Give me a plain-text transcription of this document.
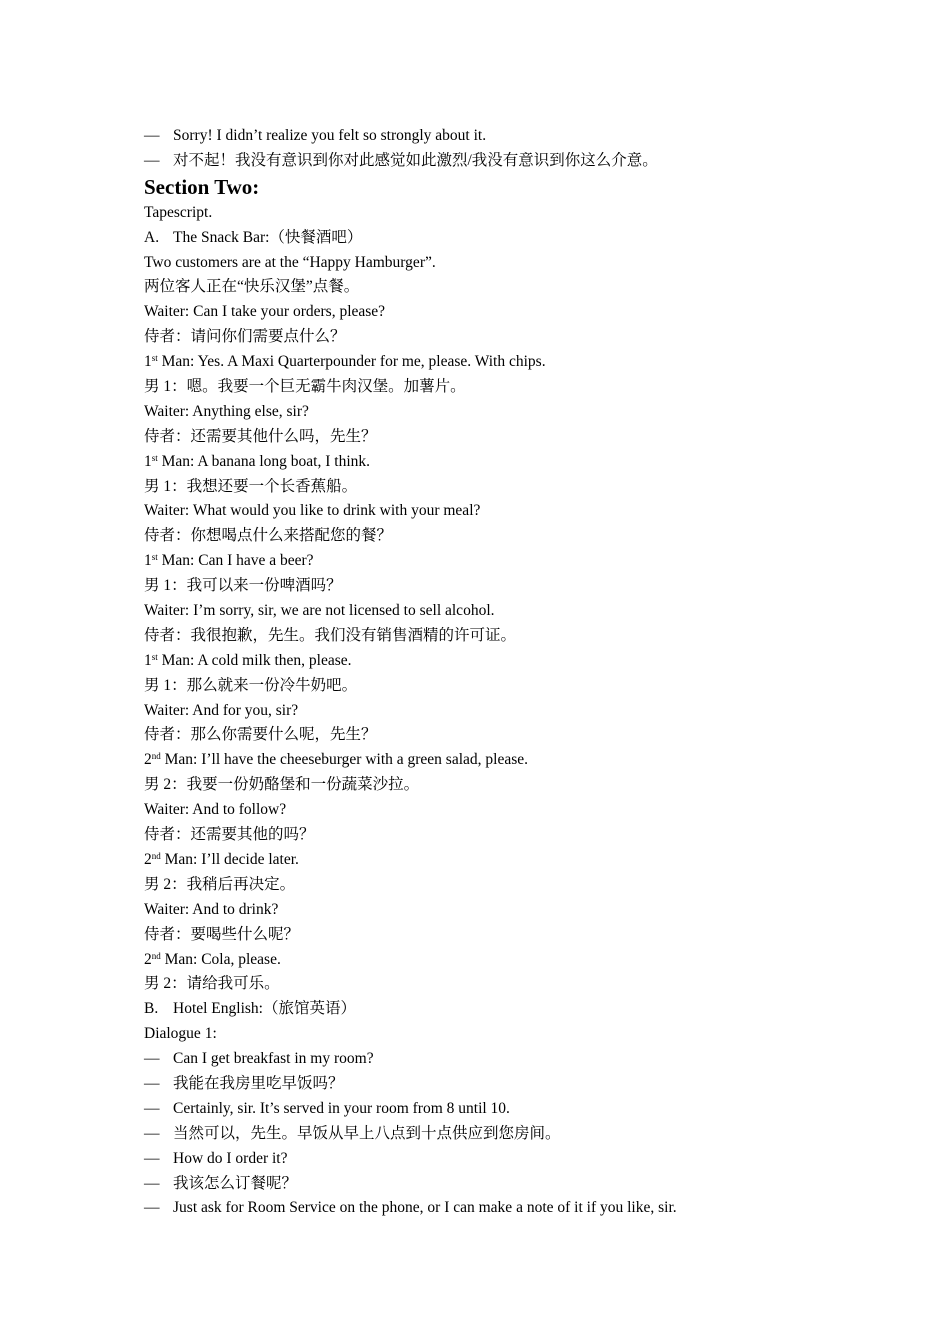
— Sorry! I didn’t realize you felt so strongly about it.
— 对不起！我没有意识到你对此感觉如此激烈/我没有意识到你这么介意。
Section Two:
Tapescript.
A. The Snack Bar:（快餐酒吧）
Two customers are at the “Happy Hamburger”.
两位客人正在“快乐汉堡”点餐。
Waiter: Can I take your orders, please?
侍者：请问你们需要点什么？
1st Man: Yes. A Maxi Quarterpounder for me, please. With chips.
男 1：嗯。我要一个巨无霸牛肉汉堡。加薯片。
Waiter: Anything else, sir?
侍者：还需要其他什么吗，先生？
1st Man: A banana long boat, I think.
男 1：我想还要一个长香蕉船。
Waiter: What would you like to drink with your meal?
侍者：你想喝点什么来搭配您的餐？
1st Man: Can I have a beer?
男 1：我可以来一份啤酒吗？
Waiter: I’m sorry, sir, we are not licensed to sell alcohol.
侍者：我很抱歉，先生。我们没有销售酒精的许可证。
1st Man: A cold milk then, please.
男 1：那么就来一份冷牛奶吧。
Waiter: And for you, sir?
侍者：那么你需要什么呢，先生？
2nd Man: I’ll have the cheeseburger with a green salad, please.
男 2：我要一份奶酪堡和一份蔬菜沙拉。
Waiter: And to follow?
侍者：还需要其他的吗？
2nd Man: I’ll decide later.
男 2：我稍后再决定。
Waiter: And to drink?
侍者：要喝些什么呢？
2nd Man: Cola, please.
男 2：请给我可乐。
B. Hotel English:（旅馆英语）
Dialogue 1:
— Can I get breakfast in my room?
— 我能在我房里吃早饭吗？
— Certainly, sir. It’s served in your room from 8 until 10.
— 当然可以，先生。早饭从早上八点到十点供应到您房间。
— How do I order it?
— 我该怎么订餐呢？
— Just ask for Room Service on the phone, or I can make a note of it if you like, sir.
